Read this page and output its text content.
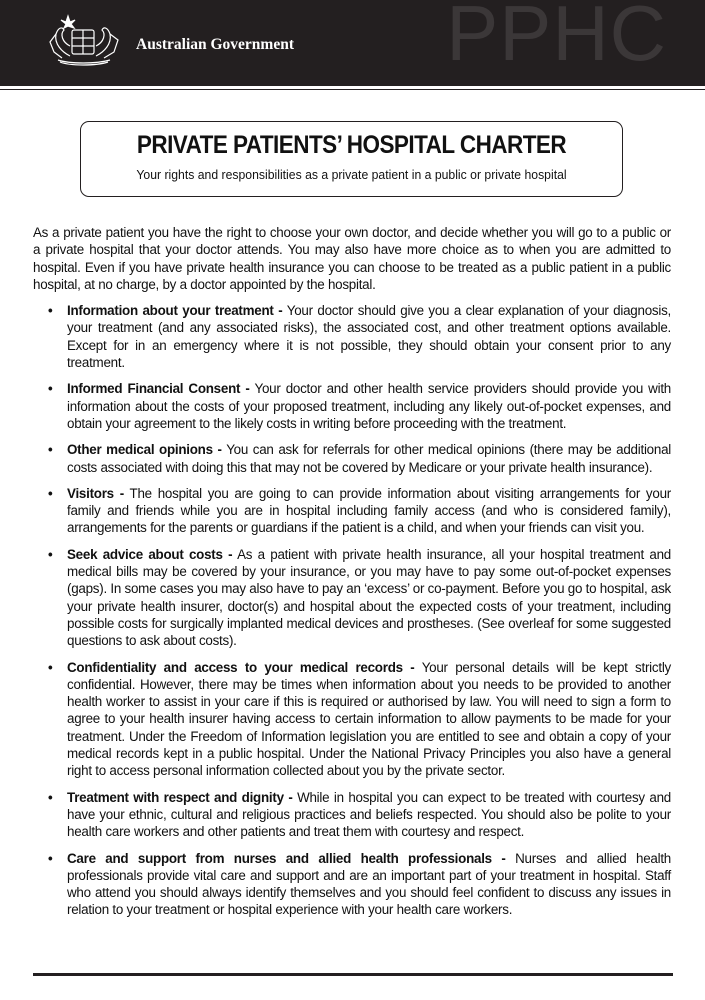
Australian Government PPHC
PRIVATE PATIENTS’ HOSPITAL CHARTER
Your rights and responsibilities as a private patient in a public or private hospital

As a private patient you have the right to choose your own doctor, and decide whether you will go to a public or a private hospital that your doctor attends. You may also have more choice as to when you are admitted to hospital. Even if you have private health insurance you can choose to be treated as a public patient in a public hospital, at no charge, by a doctor appointed by the hospital.

• Information about your treatment - Your doctor should give you a clear explanation of your diagnosis, your treatment (and any associated risks), the associated cost, and other treatment options available. Except for in an emergency where it is not possible, they should obtain your consent prior to any treatment.
• Informed Financial Consent - Your doctor and other health service providers should provide you with information about the costs of your proposed treatment, including any likely out-of-pocket expenses, and obtain your agreement to the likely costs in writing before proceeding with the treatment.
• Other medical opinions - You can ask for referrals for other medical opinions (there may be additional costs associated with doing this that may not be covered by Medicare or your private health insurance).
• Visitors - The hospital you are going to can provide information about visiting arrangements for your family and friends while you are in hospital including family access (and who is considered family), arrangements for the parents or guardians if the patient is a child, and when your friends can visit you.
• Seek advice about costs - As a patient with private health insurance, all your hospital treatment and medical bills may be covered by your insurance, or you may have to pay some out-of-pocket expenses (gaps). In some cases you may also have to pay an ‘excess’ or co-payment. Before you go to hospital, ask your private health insurer, doctor(s) and hospital about the expected costs of your treatment, including possible costs for surgically implanted medical devices and prostheses. (See overleaf for some suggested questions to ask about costs).
• Confidentiality and access to your medical records - Your personal details will be kept strictly confidential. However, there may be times when information about you needs to be provided to another health worker to assist in your care if this is required or authorised by law. You will need to sign a form to agree to your health insurer having access to certain information to allow payments to be made for your treatment. Under the Freedom of Information legislation you are entitled to see and obtain a copy of your medical records kept in a public hospital. Under the National Privacy Principles you also have a general right to access personal information collected about you by the private sector.
• Treatment with respect and dignity - While in hospital you can expect to be treated with courtesy and have your ethnic, cultural and religious practices and beliefs respected. You should also be polite to your health care workers and other patients and treat them with courtesy and respect.
• Care and support from nurses and allied health professionals - Nurses and allied health professionals provide vital care and support and are an important part of your treatment in hospital. Staff who attend you should always identify themselves and you should feel confident to discuss any issues in relation to your treatment or hospital experience with your health care workers.
